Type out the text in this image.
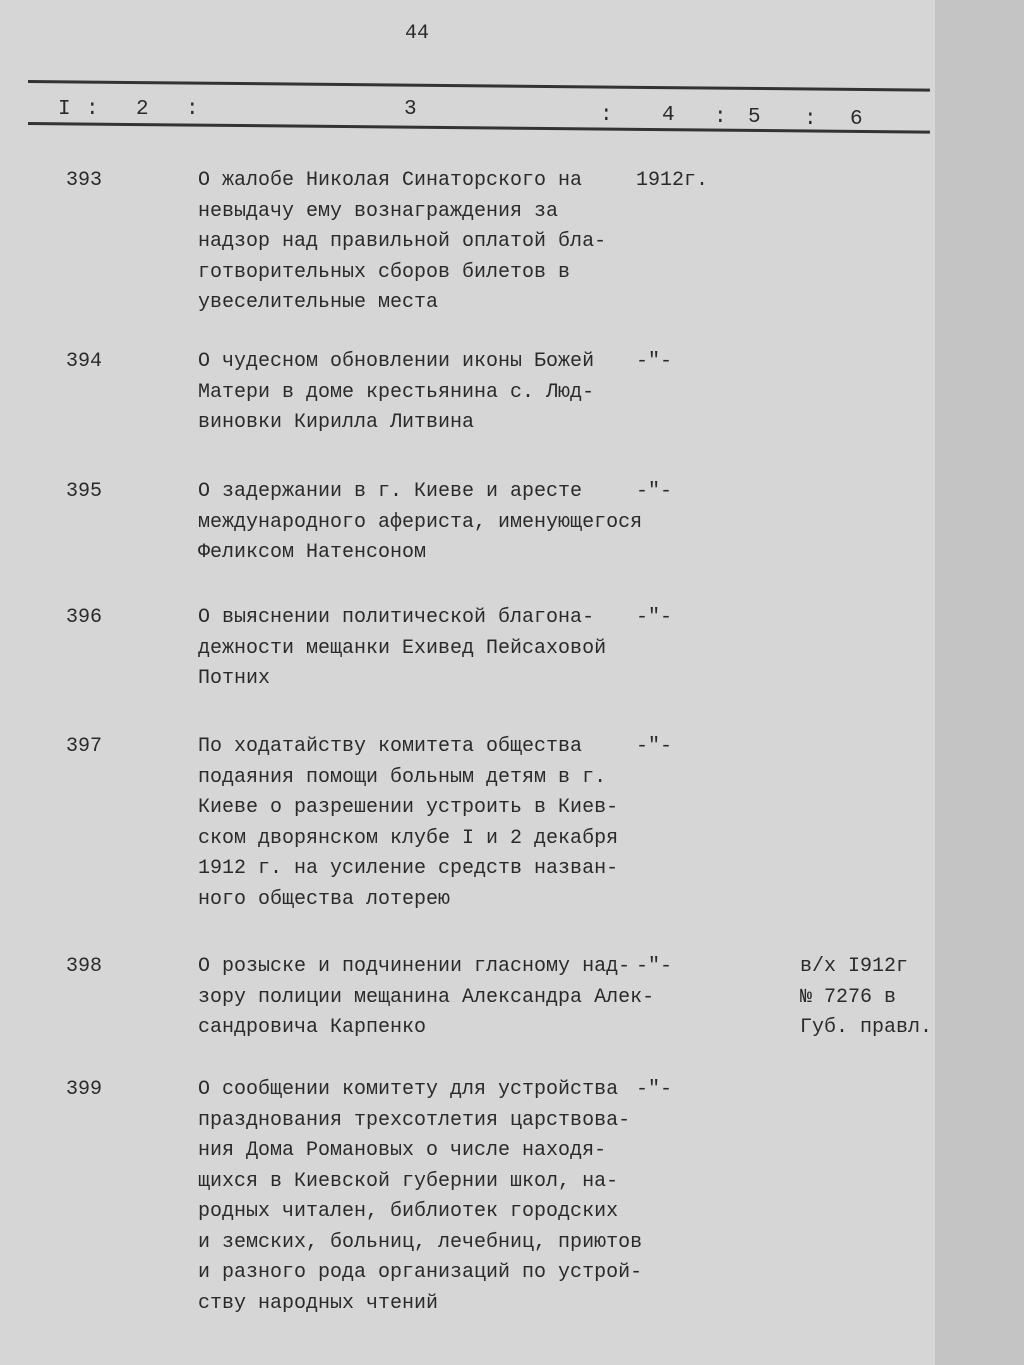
44
I : 2 :	3	: 4 : 5 : 6
393	О жалобе Николая Синаторского на
невыдачу ему вознаграждения за
надзор над правильной оплатой бла-
готворительных сборов билетов в
увеселительные места
1912г.
394	О чудесном обновлении иконы Божей
Матери в доме крестьянина с. Люд-
виновки Кирилла Литвина
-"-
395	О задержании в г. Киеве и аресте
международного афериста, именующегося
Феликсом Натенсоном
-"-
396	О выяснении политической благона-
дежности мещанки Ехивед Пейсаховой
Потних
-"-
397	По ходатайству комитета общества
подаяния помощи больным детям в г.
Киеве о разрешении устроить в Киев-
ском дворянском клубе I и 2 декабря
1912 г. на усиление средств назван-
ного общества лотерею
-"-
398	О розыске и подчинении гласному над-
зору полиции мещанина Александра Алек-
сандровича Карпенко
-"-	в/х I912г
№ 7276 в
Губ. правл.
399	О сообщении комитету для устройства
празднования трехсотлетия царствова-
ния Дома Романовых о числе находя-
щихся в Киевской губернии школ, на-
родных читален, библиотек городских
и земских, больниц, лечебниц, приютов
и разного рода организаций по устрой-
ству народных чтений
-"-
